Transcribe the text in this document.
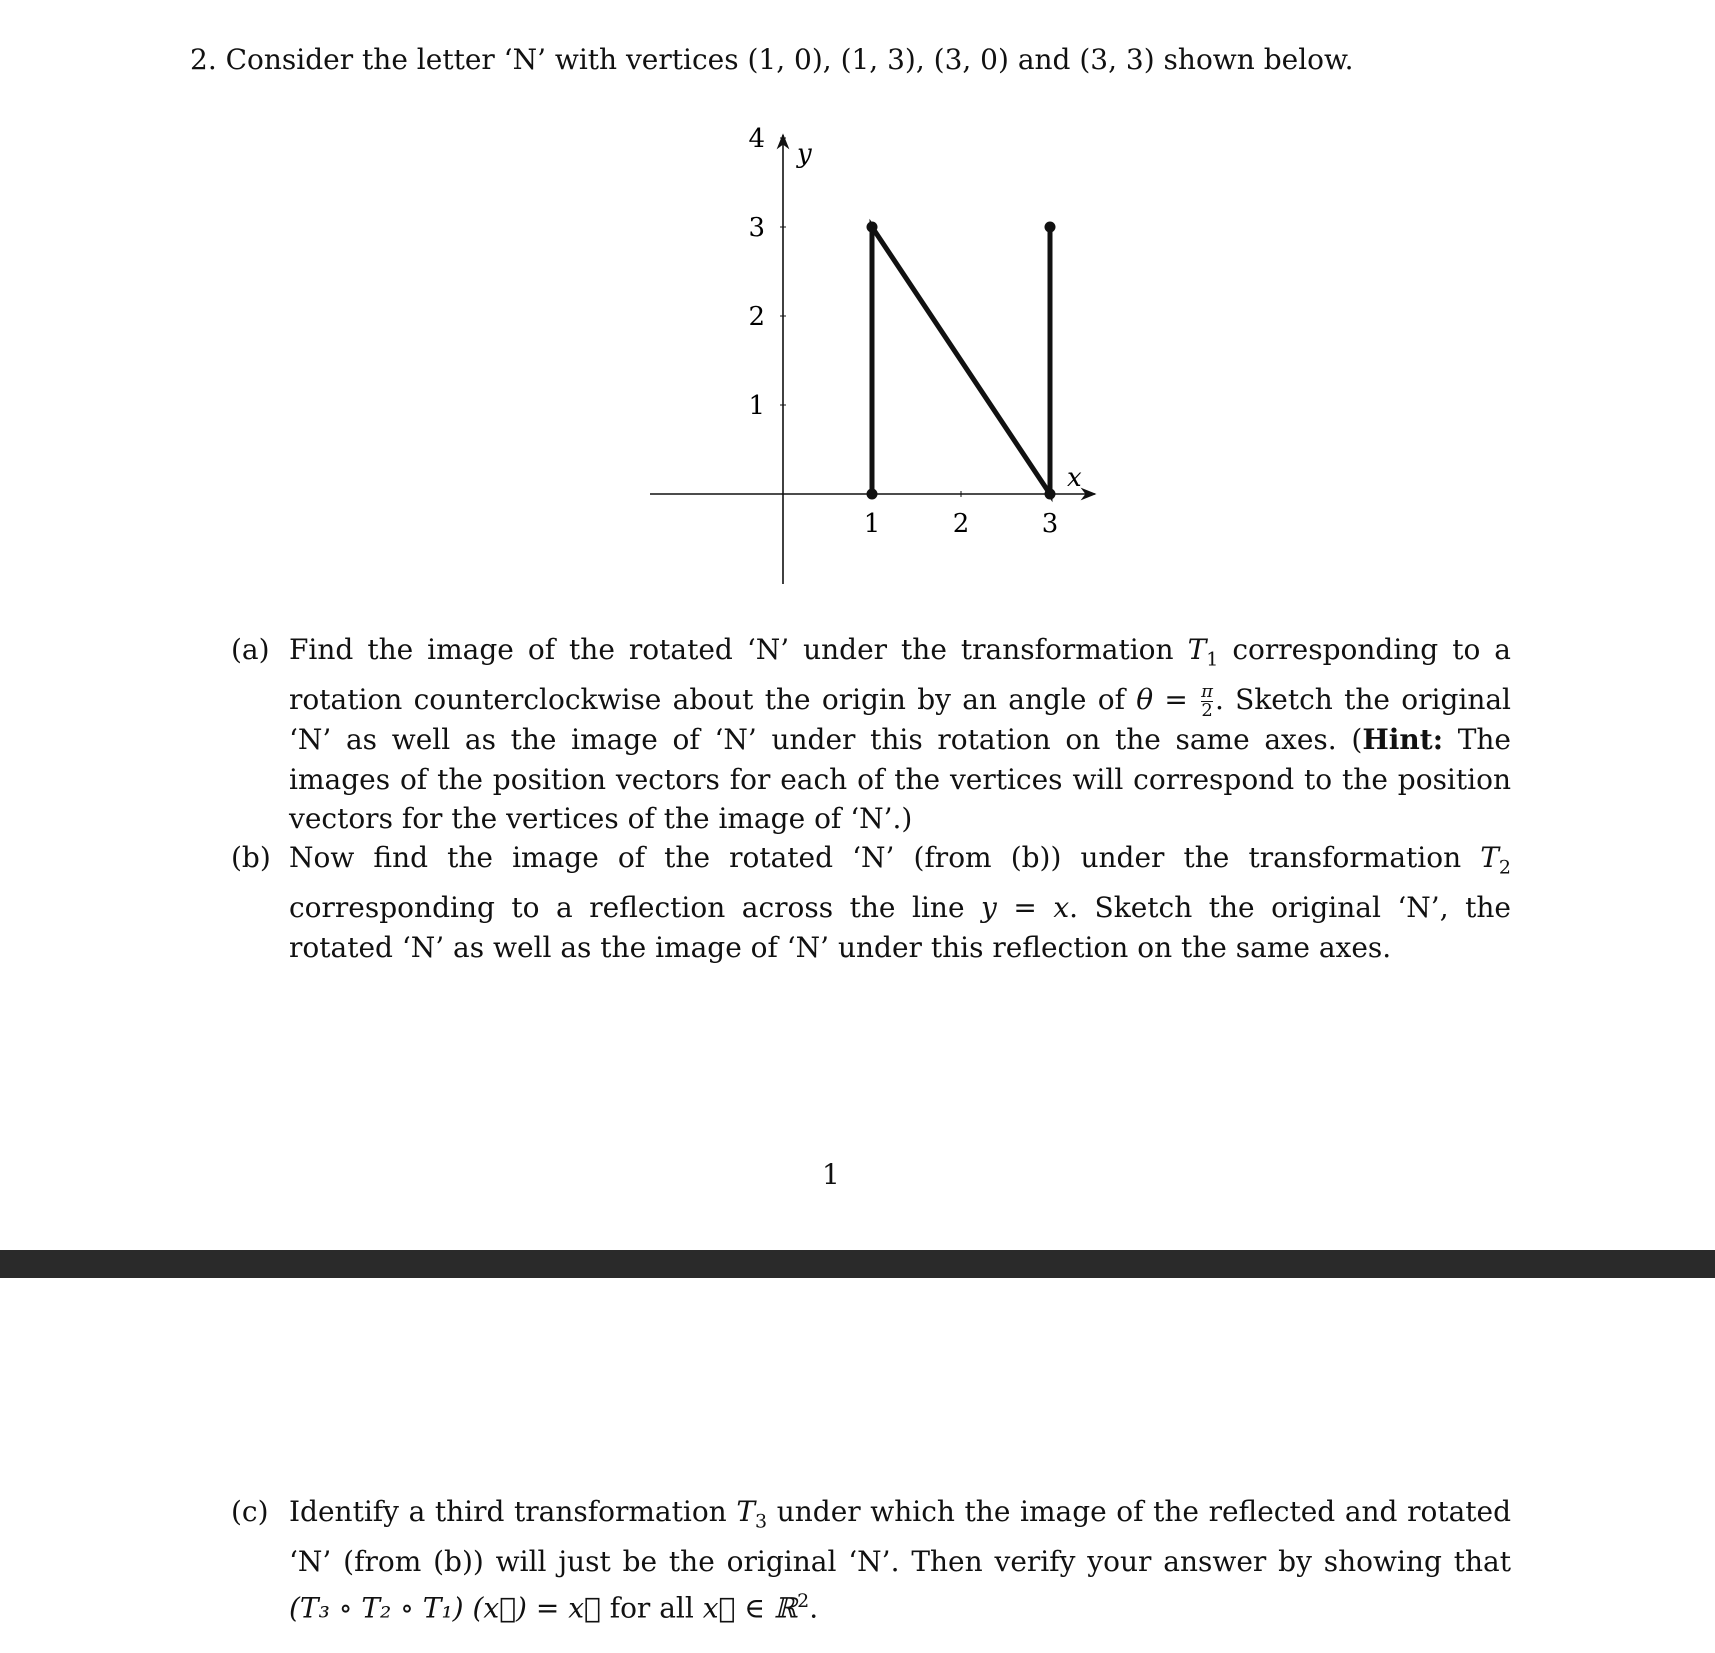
2. Consider the letter ‘N’ with vertices (1, 0), (1, 3), (3, 0) and (3, 3) shown below.
1	2	3
1
2
3
4
x
y
(a) Find the image of the rotated ‘N’ under the transformation $T_1$ corresponding to a rotation counterclockwise about the origin by an angle of $\theta = \frac{\pi}{2}$ . Sketch the original ‘N’ as well as the image of ‘N’ under this rotation on the same axes. (Hint: The images of the position vectors for each of the vertices will correspond to the position vectors for the vertices of the image of ‘N’.)
(b) Now find the image of the rotated ‘N’ (from (b)) under the transformation $T_2$ corresponding to a reflection across the line y = x. Sketch the original ‘N’, the rotated ‘N’ as well as the image of ‘N’ under this reflection on the same axes.
1
(c) Identify a third transformation $T_3$ under which the image of the reflected and rotated ‘N’ (from (b)) will just be the original ‘N’. Then verify your answer by showing that (T₃ ∘ T₂ ∘ T₁) (x⃗) = x⃗ for all x⃗ ∈ ℝ$^2$.
